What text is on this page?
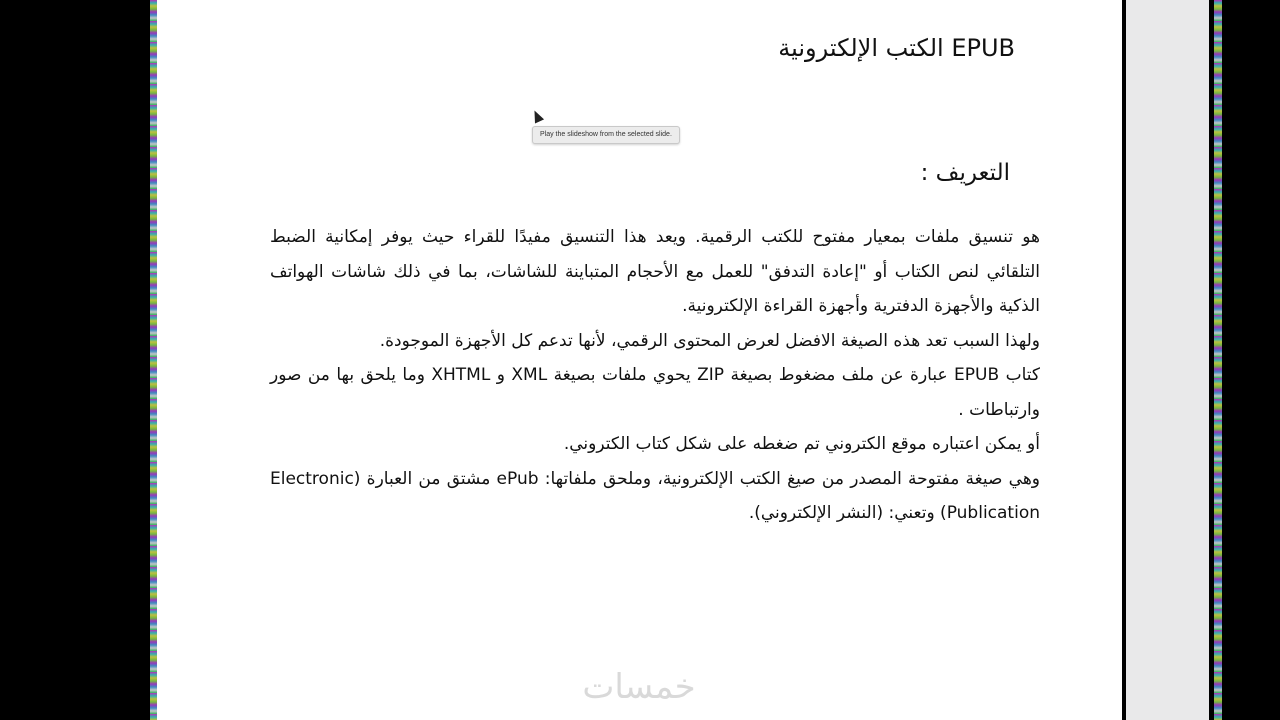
EPUB الكتب الإلكترونية
Play the slideshow from the selected slide.
التعريف :

هو تنسيق ملفات بمعيار مفتوح للكتب الرقمية. ويعد هذا التنسيق مفيدًا للقراء حيث يوفر إمكانية الضبط التلقائي لنص الكتاب أو "إعادة التدفق" للعمل مع الأحجام المتباينة للشاشات، بما في ذلك شاشات الهواتف الذكية والأجهزة الدفترية وأجهزة القراءة الإلكترونية.

ولهذا السبب تعد هذه الصيغة الافضل لعرض المحتوى الرقمي، لأنها تدعم كل الأجهزة الموجودة.

كتاب EPUB عبارة عن ملف مضغوط بصيغة ZIP يحوي ملفات بصيغة XML و XHTML وما يلحق بها من صور وارتباطات .

أو يمكن اعتباره موقع الكتروني تم ضغطه على شكل كتاب الكتروني.

وهي صيغة مفتوحة المصدر من صيغ الكتب الإلكترونية، وملحق ملفاتها: ePub مشتق من العبارة (Electronic Publication) وتعني: (النشر الإلكتروني).

خمسات
